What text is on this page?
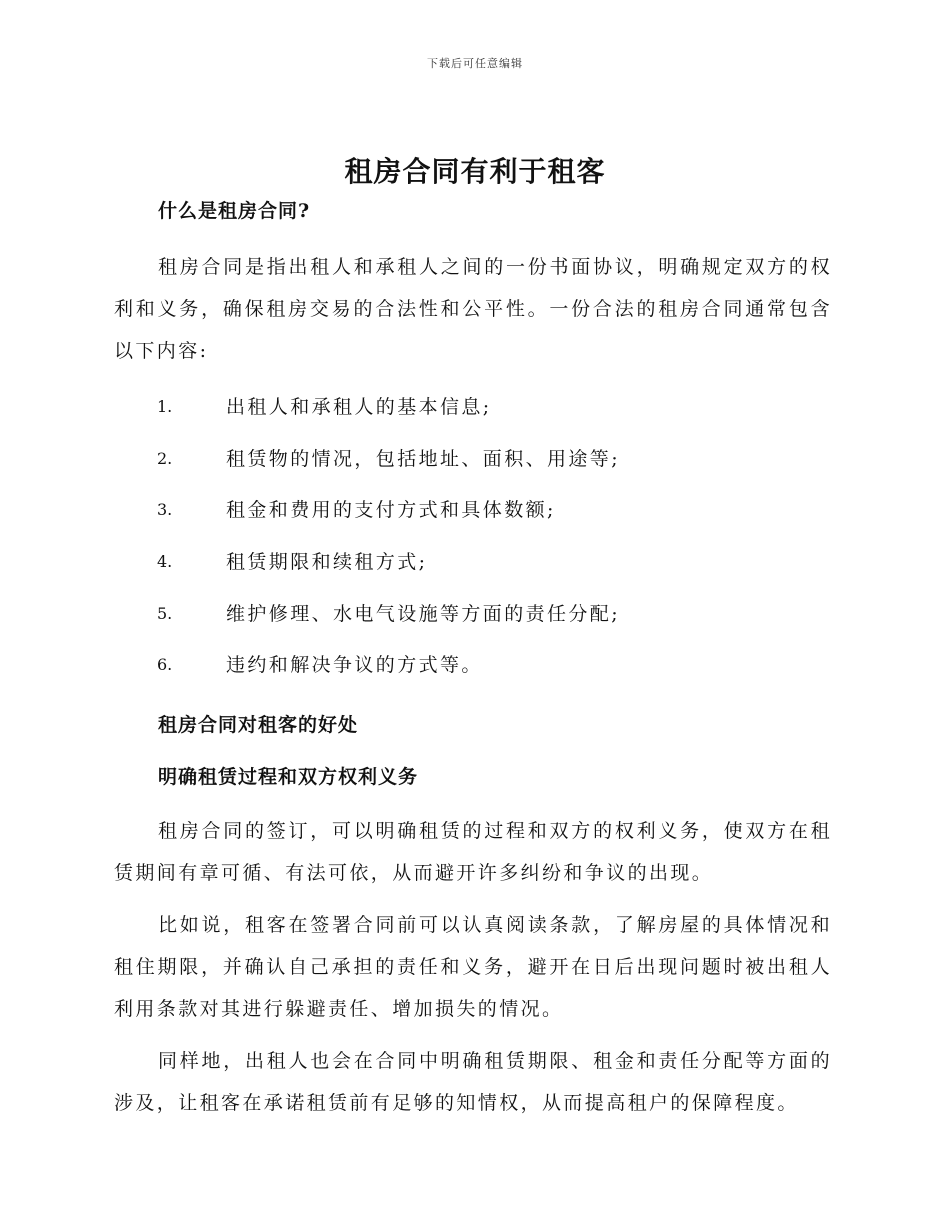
下载后可任意编辑
租房合同有利于租客
什么是租房合同?

租房合同是指出租人和承租人之间的一份书面协议，明确规定双方的权利和义务，确保租房交易的合法性和公平性。一份合法的租房合同通常包含以下内容:

1.	出租人和承租人的基本信息;
2.	租赁物的情况，包括地址、面积、用途等;
3.	租金和费用的支付方式和具体数额;
4.	租赁期限和续租方式;
5.	维护修理、水电气设施等方面的责任分配;
6.	违约和解决争议的方式等。
租房合同对租客的好处
明确租赁过程和双方权利义务

租房合同的签订，可以明确租赁的过程和双方的权利义务，使双方在租赁期间有章可循、有法可依，从而避开许多纠纷和争议的出现。

比如说，租客在签署合同前可以认真阅读条款，了解房屋的具体情况和租住期限，并确认自己承担的责任和义务，避开在日后出现问题时被出租人利用条款对其进行躲避责任、增加损失的情况。

同样地，出租人也会在合同中明确租赁期限、租金和责任分配等方面的涉及，让租客在承诺租赁前有足够的知情权，从而提高租户的保障程度。
